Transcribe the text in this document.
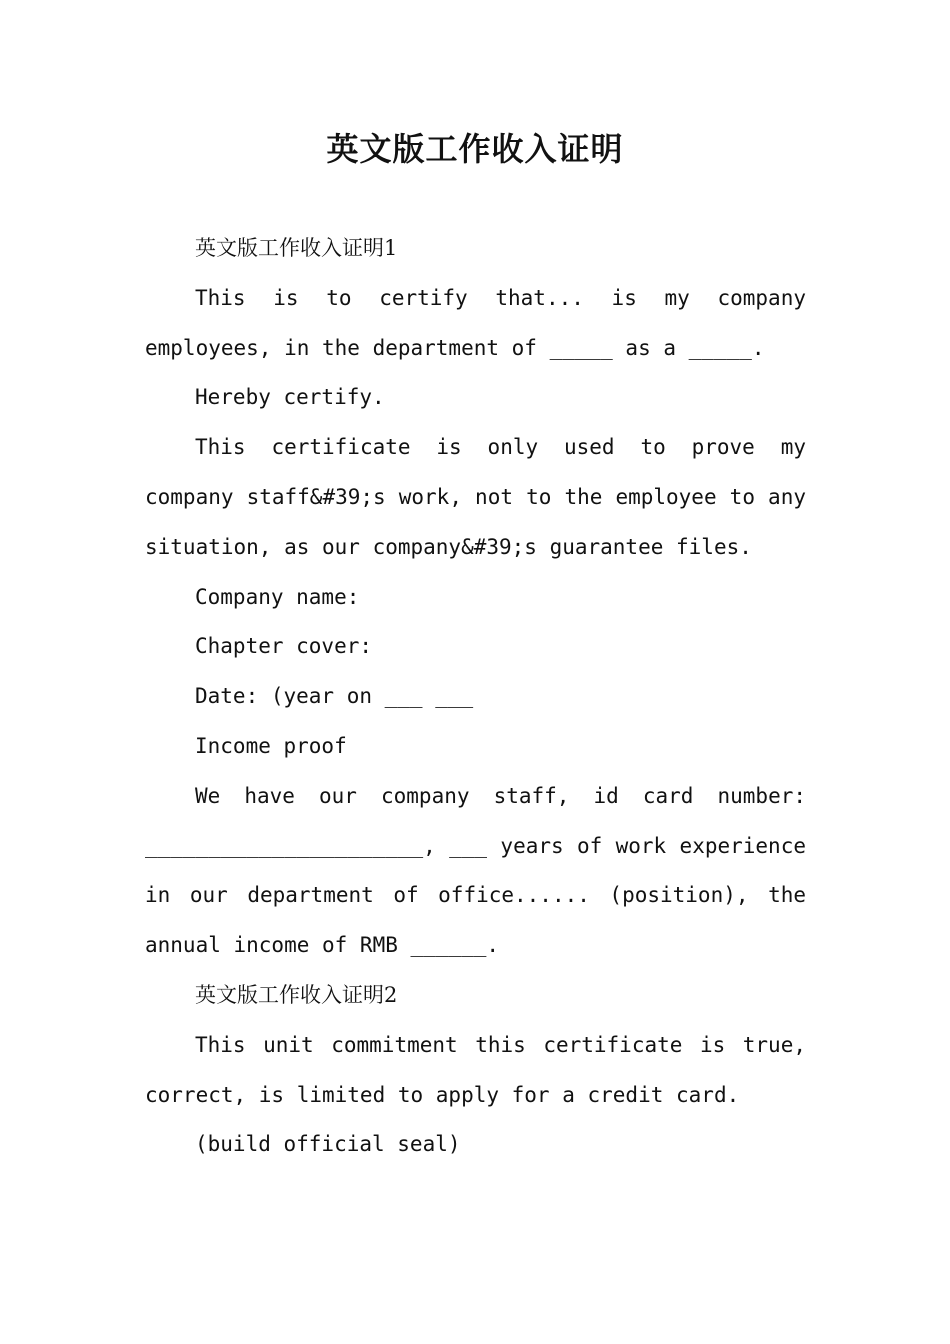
英文版工作收入证明

英文版工作收入证明1

This is to certify that... is my company employees, in the department of _____ as a _____.

Hereby certify.

This certificate is only used to prove my company staff&#39;s work, not to the employee to any situation, as our company&#39;s guarantee files.

Company name:

Chapter cover:

Date: (year on ___ ___

Income proof

We have our company staff, id card number: ______________________, ___ years of work experience in our department of office...... (position), the annual income of RMB ______.

英文版工作收入证明2

This unit commitment this certificate is true, correct, is limited to apply for a credit card.

(build official seal)
